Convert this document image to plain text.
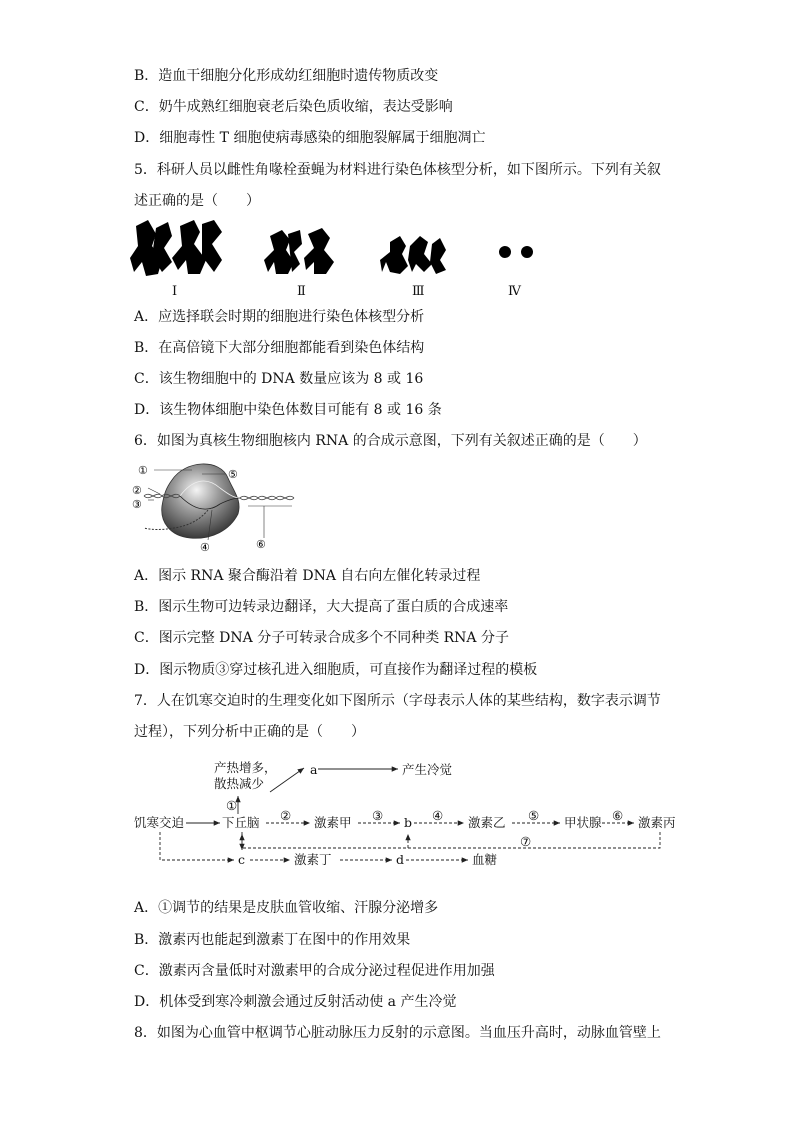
B．造血干细胞分化形成幼红细胞时遗传物质改变
C．奶牛成熟红细胞衰老后染色质收缩，表达受影响
D．细胞毒性 T 细胞使病毒感染的细胞裂解属于细胞凋亡
5．科研人员以雌性角喙栓蚕蝇为材料进行染色体核型分析，如下图所示。下列有关叙
述正确的是（　　）
Ⅰ	Ⅱ	Ⅲ	Ⅳ
A．应选择联会时期的细胞进行染色体核型分析
B．在高倍镜下大部分细胞都能看到染色体结构
C．该生物细胞中的 DNA 数量应该为 8 或 16
D．该生物体细胞中染色体数目可能有 8 或 16 条
6．如图为真核生物细胞核内 RNA 的合成示意图，下列有关叙述正确的是（　　）
①	⑤
②
③
④	⑥
A．图示 RNA 聚合酶沿着 DNA 自右向左催化转录过程
B．图示生物可边转录边翻译，大大提高了蛋白质的合成速率
C．图示完整 DNA 分子可转录合成多个不同种类 RNA 分子
D．图示物质③穿过核孔进入细胞质，可直接作为翻译过程的模板
7．人在饥寒交迫时的生理变化如下图所示（字母表示人体的某些结构，数字表示调节
过程），下列分析中正确的是（　　）
饥寒交迫	下丘脑
产热增多，
散热减少
a	产生冷觉
激素甲	b	激素乙	甲状腺	激素丙
c	激素丁	d	血糖
①
②	③	④	⑤	⑥
⑦
A．①调节的结果是皮肤血管收缩、汗腺分泌增多
B．激素丙也能起到激素丁在图中的作用效果
C．激素丙含量低时对激素甲的合成分泌过程促进作用加强
D．机体受到寒冷刺激会通过反射活动使 a 产生冷觉
8．如图为心血管中枢调节心脏动脉压力反射的示意图。当血压升高时，动脉血管壁上
